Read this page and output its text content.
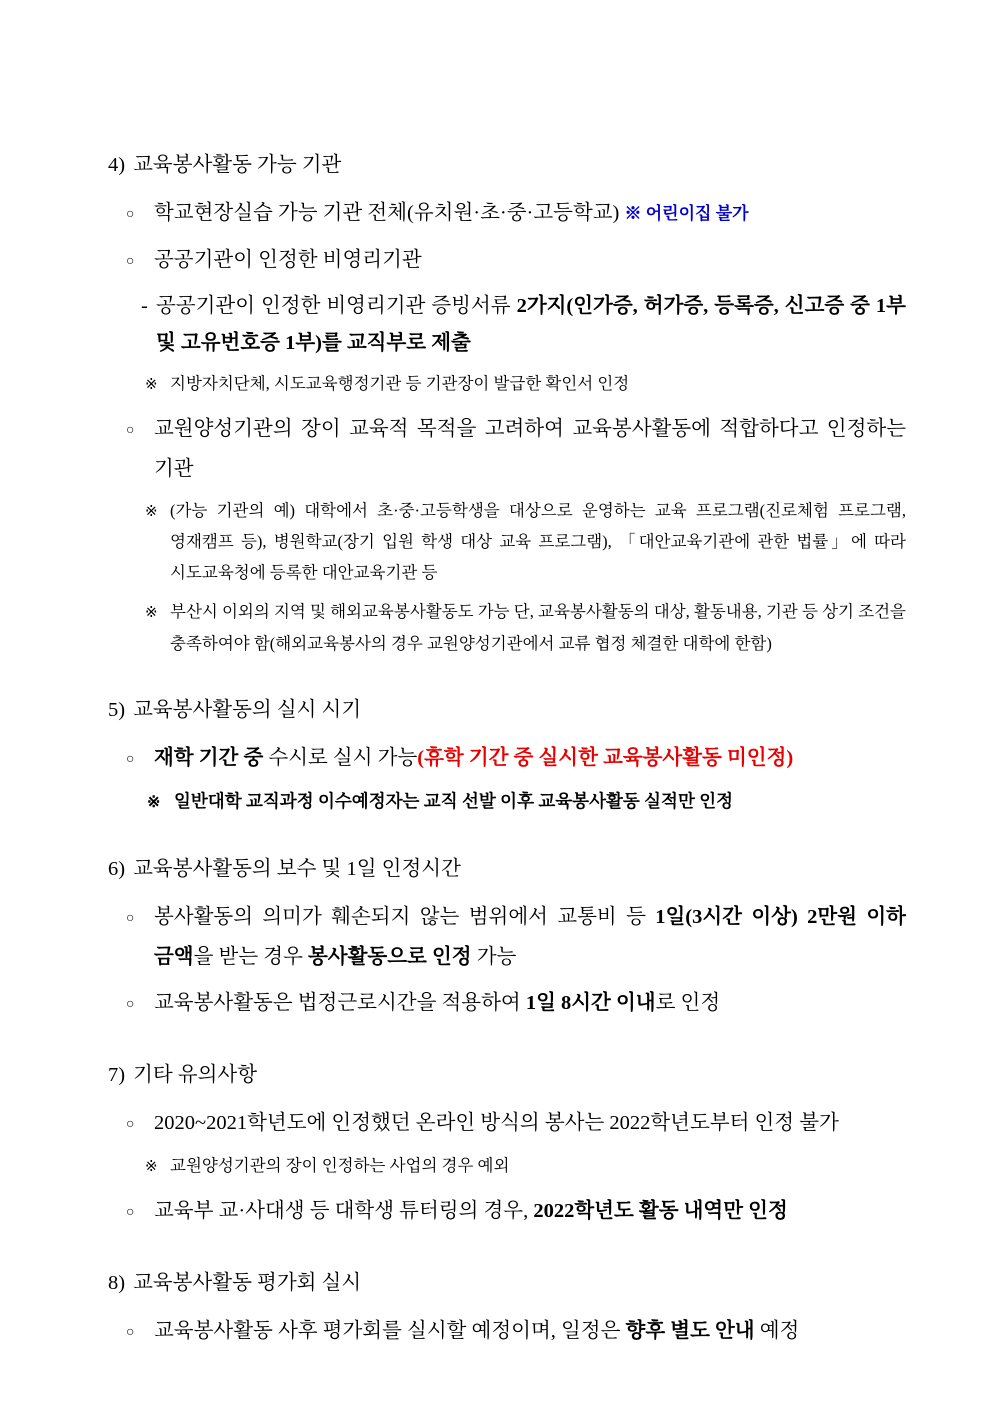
4) 교육봉사활동 가능 기관

○ 학교현장실습 가능 기관 전체(유치원·초·중·고등학교) ※ 어린이집 불가

○ 공공기관이 인정한 비영리기관

- 공공기관이 인정한 비영리기관 증빙서류 2가지(인가증, 허가증, 등록증, 신고증 중 1부 및 고유번호증 1부)를 교직부로 제출

※ 지방자치단체, 시도교육행정기관 등 기관장이 발급한 확인서 인정

○ 교원양성기관의 장이 교육적 목적을 고려하여 교육봉사활동에 적합하다고 인정하는 기관

※ (가능 기관의 예) 대학에서 초·중·고등학생을 대상으로 운영하는 교육 프로그램(진로체험 프로그램, 영재캠프 등), 병원학교(장기 입원 학생 대상 교육 프로그램), 「대안교육기관에 관한 법률」에 따라 시도교육청에 등록한 대안교육기관 등

※ 부산시 이외의 지역 및 해외교육봉사활동도 가능 단, 교육봉사활동의 대상, 활동내용, 기관 등 상기 조건을 충족하여야 함(해외교육봉사의 경우 교원양성기관에서 교류 협정 체결한 대학에 한함)

5) 교육봉사활동의 실시 시기

○ 재학 기간 중 수시로 실시 가능(휴학 기간 중 실시한 교육봉사활동 미인정)

※ 일반대학 교직과정 이수예정자는 교직 선발 이후 교육봉사활동 실적만 인정

6) 교육봉사활동의 보수 및 1일 인정시간

○ 봉사활동의 의미가 훼손되지 않는 범위에서 교통비 등 1일(3시간 이상) 2만원 이하 금액을 받는 경우 봉사활동으로 인정 가능

○ 교육봉사활동은 법정근로시간을 적용하여 1일 8시간 이내로 인정

7) 기타 유의사항

○ 2020~2021학년도에 인정했던 온라인 방식의 봉사는 2022학년도부터 인정 불가

※ 교원양성기관의 장이 인정하는 사업의 경우 예외

○ 교육부 교·사대생 등 대학생 튜터링의 경우, 2022학년도 활동 내역만 인정

8) 교육봉사활동 평가회 실시

○ 교육봉사활동 사후 평가회를 실시할 예정이며, 일정은 향후 별도 안내 예정
